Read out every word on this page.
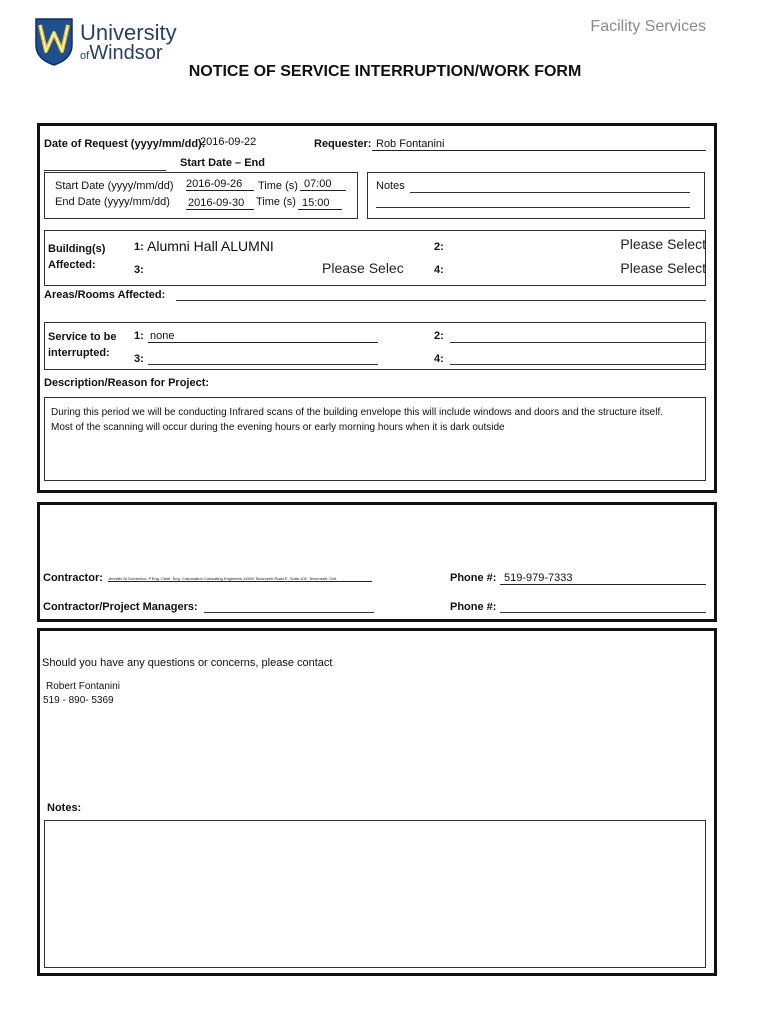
University
ofWindsor
Facility Services
NOTICE OF SERVICE INTERRUPTION/WORK FORM
Date of Request (yyyy/mm/dd):
2016-09-22	Requester: Rob Fontanini
Start Date – End
Start Date (yyyy/mm/dd) 2016-09-26	Time (s) 07:00
End Date (yyyy/mm/dd) 2016-09-30	Time (s) 15:00
Notes
Building(s)
Affected:
1: Alumni Hall ALUMNI	2:	Please Select
3:	Please Selec	4:	Please Select
Areas/Rooms Affected:
Service to be
interrupted:
1: none	2:
3:	4:
Description/Reason for Project:
During this period we will be conducting Infrared scans of the building envelope this will include windows and doors and the structure itself.
Most of the scanning will occur during the evening hours or early morning hours when it is dark outside
Contractor: Jennifer Di Domenico, P.Eng. Chief, Eng. Corporation Consulting Engineers 11900 Tecumseh Road E, Suite 101, Tecumseh, Ont.	Phone #: 519-979-7333
Contractor/Project Managers:	Phone #:
Should you have any questions or concerns, please contact
Robert Fontanini
519 - 890- 5369
Notes:
